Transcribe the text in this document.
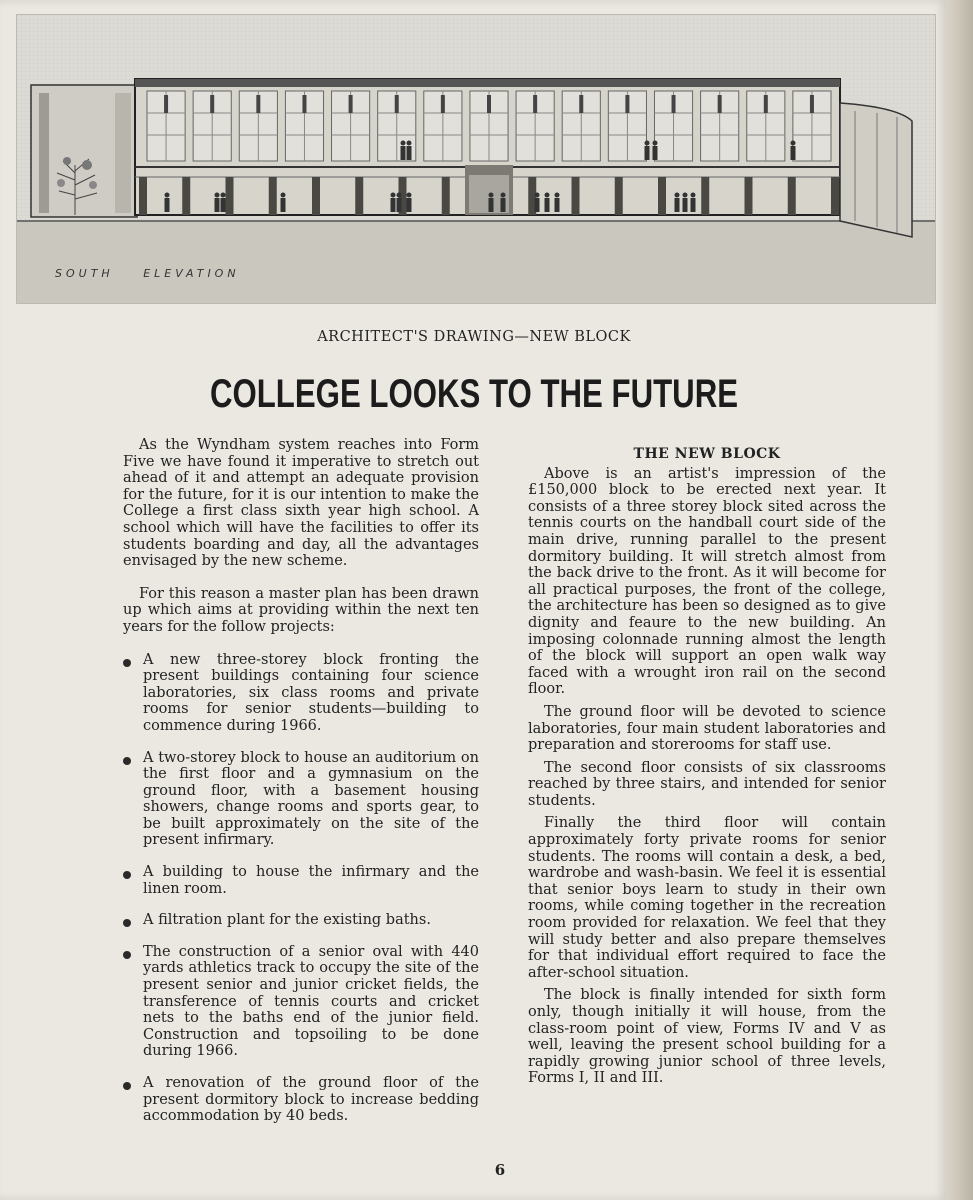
SOUTH	ELEVATION
ARCHITECT'S DRAWING—NEW BLOCK
COLLEGE LOOKS TO THE FUTURE

As the Wyndham system reaches into Form Five we have found it imperative to stretch out ahead of it and attempt an adequate provision for the future, for it is our intention to make the College a first class sixth year high school. A school which will have the facilities to offer its students boarding and day, all the advantages envisaged by the new scheme.

For this reason a master plan has been drawn up which aims at providing within the next ten years for the follow projects:

A new three-storey block fronting the present buildings containing four science laboratories, six class rooms and private rooms for senior students—building to commence during 1966.
A two-storey block to house an auditorium on the first floor and a gymnasium on the ground floor, with a basement housing showers, change rooms and sports gear, to be built approximately on the site of the present infirmary.
A building to house the infirmary and the linen room.
A filtration plant for the existing baths.
The construction of a senior oval with 440 yards athletics track to occupy the site of the present senior and junior cricket fields, the transference of tennis courts and cricket nets to the baths end of the junior field. Construction and topsoiling to be done during 1966.
A renovation of the ground floor of the present dormitory block to increase bedding accommodation by 40 beds.
THE NEW BLOCK

Above is an artist's impression of the £150,000 block to be erected next year. It consists of a three storey block sited across the tennis courts on the handball court side of the main drive, running parallel to the present dormitory building. It will stretch almost from the back drive to the front. As it will become for all practical purposes, the front of the college, the architecture has been so designed as to give dignity and feaure to the new building. An imposing colonnade running almost the length of the block will support an open walk way faced with a wrought iron rail on the second floor.

The ground floor will be devoted to science laboratories, four main student laboratories and preparation and storerooms for staff use.

The second floor consists of six classrooms reached by three stairs, and intended for senior students.

Finally the third floor will contain approximately forty private rooms for senior students. The rooms will contain a desk, a bed, wardrobe and wash-basin. We feel it is essential that senior boys learn to study in their own rooms, while coming together in the recreation room provided for relaxation. We feel that they will study better and also prepare themselves for that individual effort required to face the after-school situation.

The block is finally intended for sixth form only, though initially it will house, from the class-room point of view, Forms IV and V as well, leaving the present school building for a rapidly growing junior school of three levels, Forms I, II and III.

6
